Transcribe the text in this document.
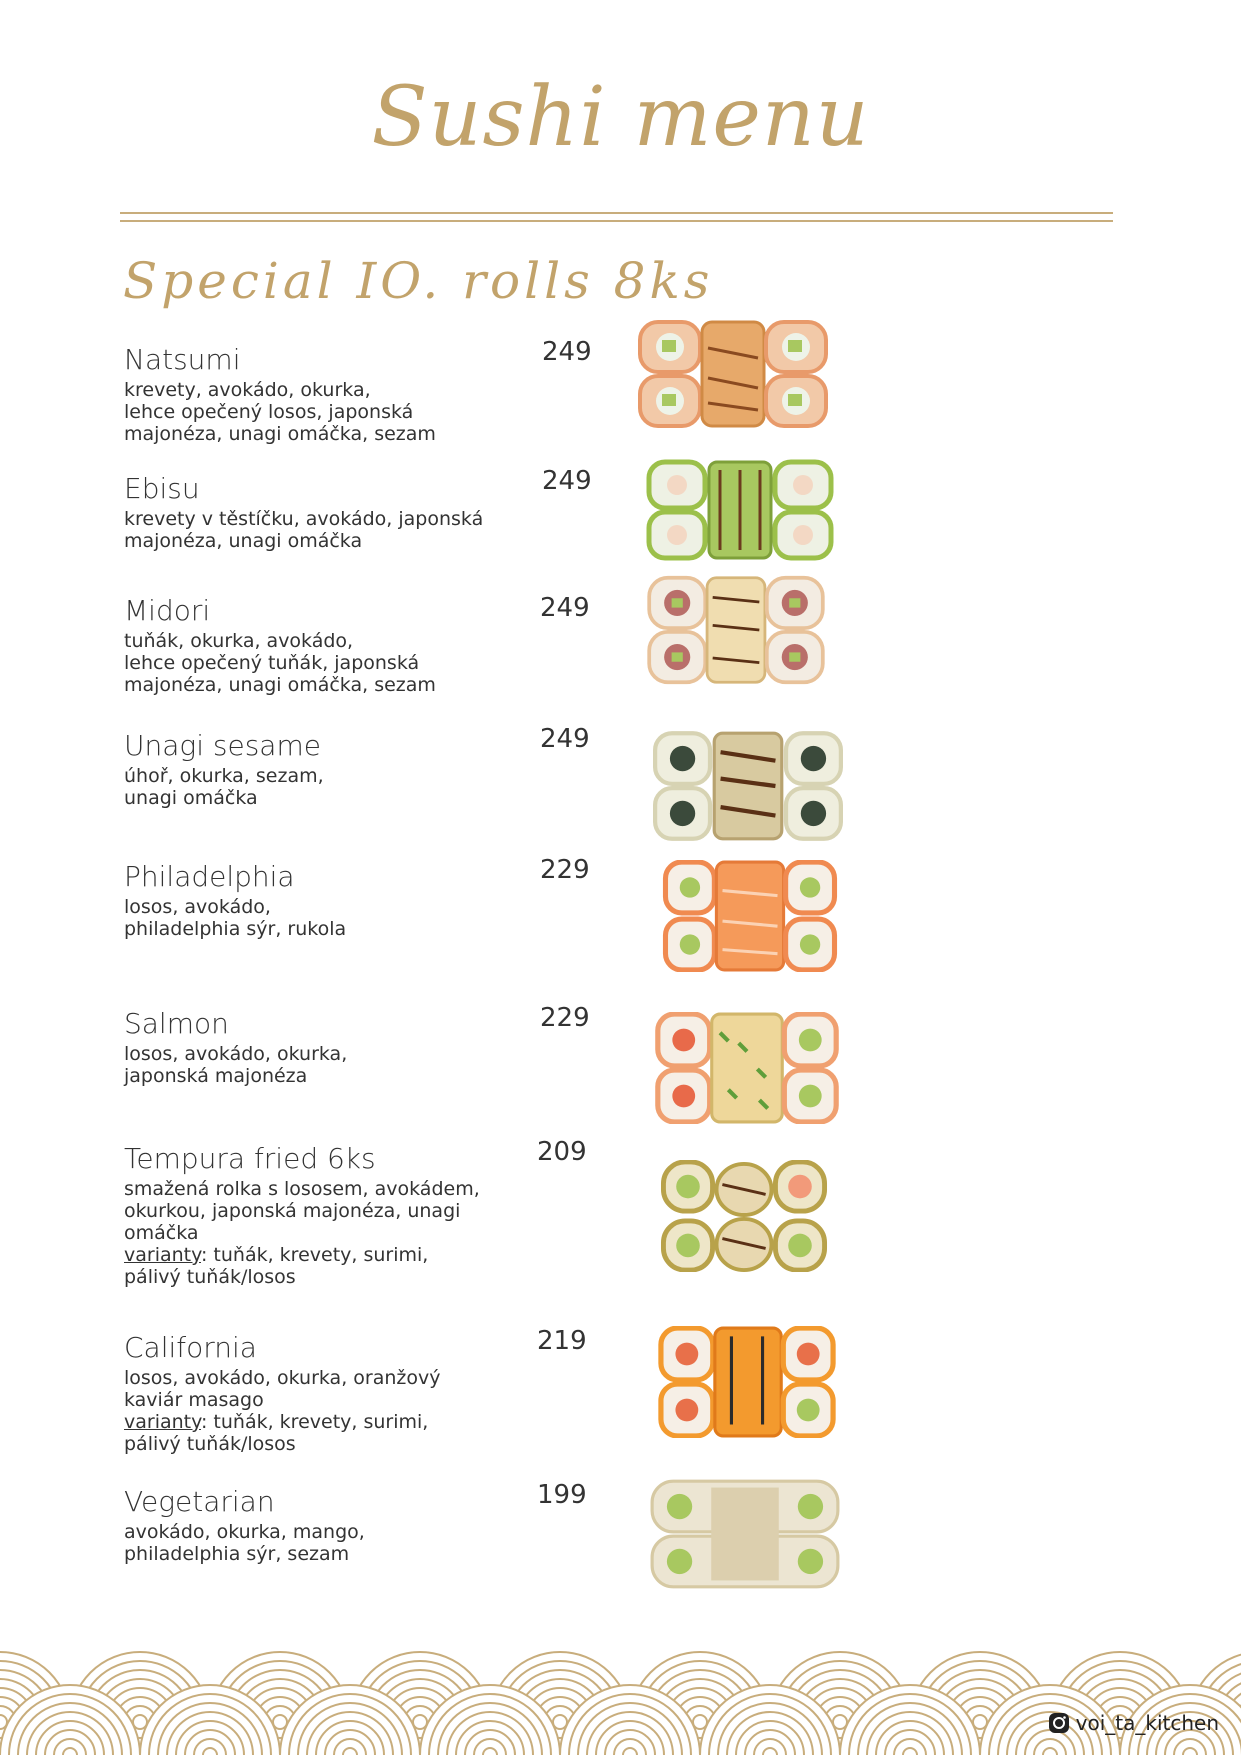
Sushi menu
Special IO. rolls 8ks
Natsumi
krevety, avokádo, okurka,
lehce opečený losos, japonská
majonéza, unagi omáčka, sezam
249
Ebisu
krevety v těstíčku, avokádo, japonská
majonéza, unagi omáčka
249
Midori
tuňák, okurka, avokádo,
lehce opečený tuňák, japonská
majonéza, unagi omáčka, sezam
249
Unagi sesame
úhoř, okurka, sezam,
unagi omáčka
249
Philadelphia
losos, avokádo,
philadelphia sýr, rukola
229
Salmon
losos, avokádo, okurka,
japonská majonéza
229
Tempura fried 6ks
smažená rolka s lososem, avokádem,
okurkou, japonská majonéza, unagi
omáčka
varianty: tuňák, krevety, surimi,
pálivý tuňák/losos
209
California
losos, avokádo, okurka, oranžový
kaviár masago
varianty: tuňák, krevety, surimi,
pálivý tuňák/losos
219
Vegetarian
avokádo, okurka, mango,
philadelphia sýr, sezam
199
voi_ta_kitchen
